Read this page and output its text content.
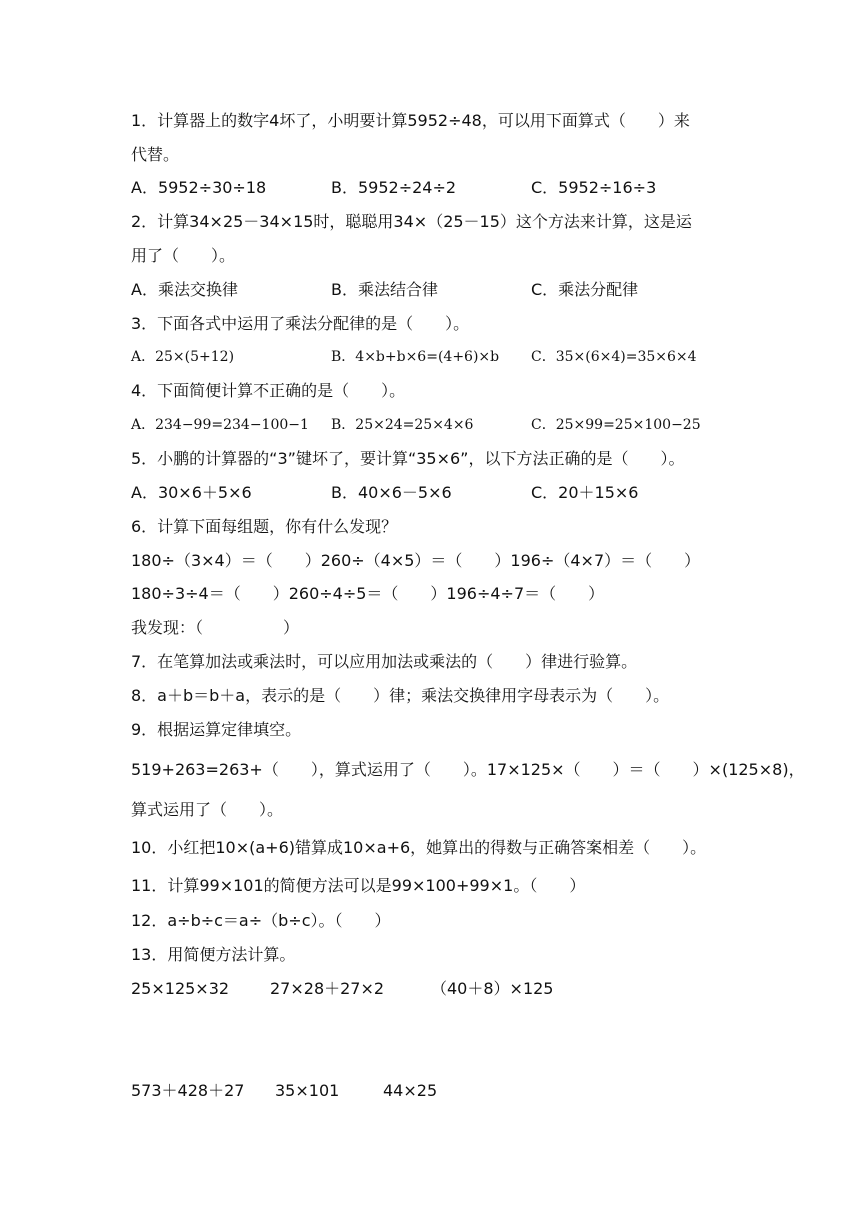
1．计算器上的数字4坏了，小明要计算5952÷48，可以用下面算式（　　）来
代替。
A．5952÷30÷18	B．5952÷24÷2	C．5952÷16÷3
2．计算34×25－34×15时，聪聪用34×（25－15）这个方法来计算，这是运
用了（　　）。
A．乘法交换律	B．乘法结合律	C．乘法分配律
3．下面各式中运用了乘法分配律的是（　　）。
A．25×(5+12)	B．4×b+b×6=(4+6)×b C．35×(6×4)=35×6×4
4．下面简便计算不正确的是（　　）。
A．234−99=234−100−1 B．25×24=25×4×6	C．25×99=25×100−25
5．小鹏的计算器的“3”键坏了，要计算“35×6”，以下方法正确的是（　　）。
A．30×6＋5×6	B．40×6－5×6	C．20＋15×6
6．计算下面每组题，你有什么发现？
180÷（3×4）＝（　　）260÷（4×5）＝（　　）196÷（4×7）＝（　　）
180÷3÷4＝（　　）260÷4÷5＝（　　）196÷4÷7＝（　　）
我发现：（　　　　　）
7．在笔算加法或乘法时，可以应用加法或乘法的（　　）律进行验算。
8．a＋b＝b＋a，表示的是（　　）律；乘法交换律用字母表示为（　　）。
9．根据运算定律填空。
519+263=263+（　　），算式运用了（　　）。17×125×（　　）＝（　　）×(125×8)，
算式运用了（　　）。
10．小红把10×(a+6)错算成10×a+6，她算出的得数与正确答案相差（　　）。
11．计算99×101的简便方法可以是99×100+99×1。（　　）
12．a÷b÷c＝a÷（b÷c）。（　　）
13．用简便方法计算。
25×125×32	27×28＋27×2	（40＋8）×125
573＋428＋27 35×101	44×25
